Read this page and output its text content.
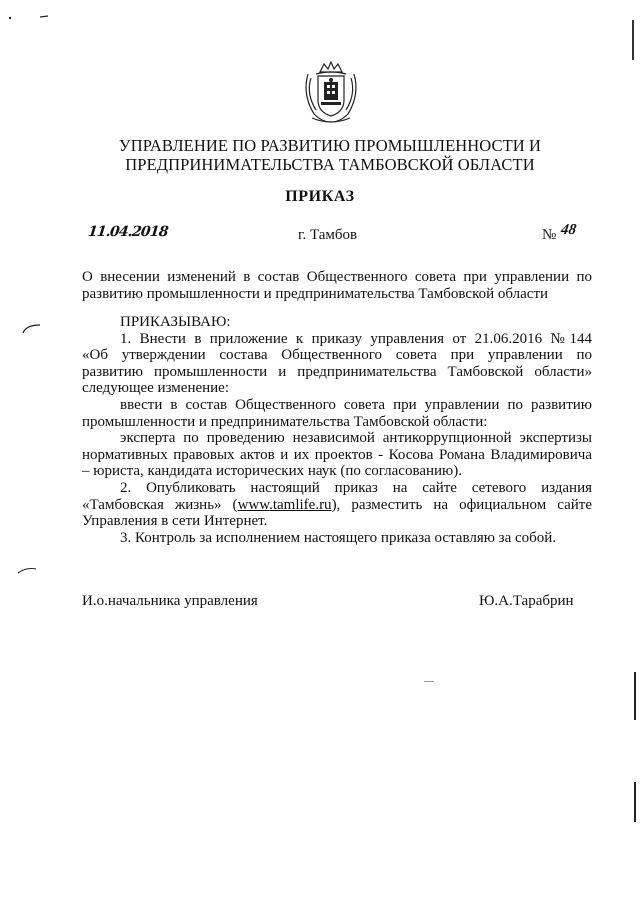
УПРАВЛЕНИЕ ПО РАЗВИТИЮ ПРОМЫШЛЕННОСТИ И
ПРЕДПРИНИМАТЕЛЬСТВА ТАМБОВСКОЙ ОБЛАСТИ
ПРИКАЗ
11.04.2018	г. Тамбов	№ 48
О внесении изменений в состав Общественного совета при управлении по
развитию промышленности и предпринимательства Тамбовской области
ПРИКАЗЫВАЮ:
1. Внести в приложение к приказу управления от 21.06.2016 №144
«Об утверждении состава Общественного совета при управлении по
развитию промышленности и предпринимательства Тамбовской области»
следующее изменение:
ввести в состав Общественного совета при управлении по развитию
промышленности и предпринимательства Тамбовской области:
эксперта по проведению независимой антикоррупционной экспертизы
нормативных правовых актов и их проектов - Косова Романа Владимировича
– юриста, кандидата исторических наук (по согласованию).
2. Опубликовать настоящий приказ на сайте сетевого издания
«Тамбовская жизнь» (www.tamlife.ru), разместить на официальном сайте
Управления в сети Интернет.
3. Контроль за исполнением настоящего приказа оставляю за собой.
И.о.начальника управления	Ю.А.Тарабрин
